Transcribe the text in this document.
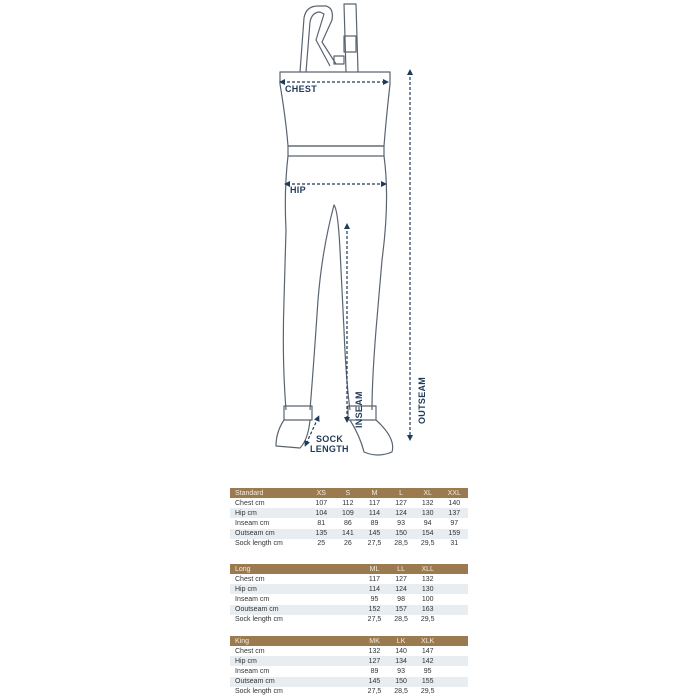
CHEST
HIP
INSEAM	OUTSEAM
SOCK
LENGTH
Standard	XS	S	M	L	XL	XXL
Chest cm	107	112	117	127	132	140
Hip cm	104	109	114	124	130	137
Inseam cm	81	86	89	93	94	97
Outseam cm	135	141	145	150	154	159
Sock length cm	25	26	27,5	28,5	29,5	31
Long	ML	LL	XLL
Chest cm	117	127	132
Hip cm	114	124	130
Inseam cm	95	98	100
Ooutseam cm	152	157	163
Sock length cm	27,5	28,5	29,5
King	MK	LK	XLK
Chest cm	132	140	147
Hip cm	127	134	142
Inseam cm	89	93	95
Outseam cm	145	150	155
Sock length cm	27,5	28,5	29,5
